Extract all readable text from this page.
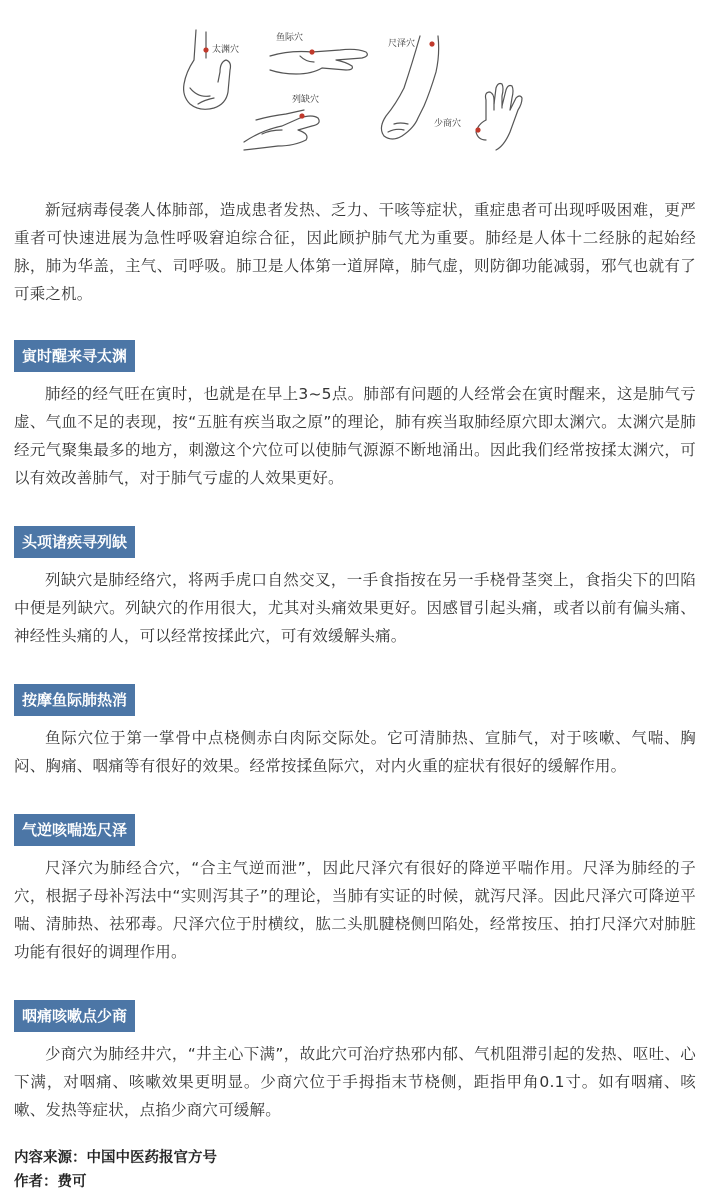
太渊穴
鱼际穴
列缺穴
尺泽穴
少商穴

新冠病毒侵袭人体肺部，造成患者发热、乏力、干咳等症状，重症患者可出现呼吸困难，更严重者可快速进展为急性呼吸窘迫综合征，因此顾护肺气尤为重要。肺经是人体十二经脉的起始经脉，肺为华盖，主气、司呼吸。肺卫是人体第一道屏障，肺气虚，则防御功能减弱，邪气也就有了可乘之机。

寅时醒来寻太渊

肺经的经气旺在寅时，也就是在早上3~5点。肺部有问题的人经常会在寅时醒来，这是肺气亏虚、气血不足的表现，按“五脏有疾当取之原”的理论，肺有疾当取肺经原穴即太渊穴。太渊穴是肺经元气聚集最多的地方，刺激这个穴位可以使肺气源源不断地涌出。因此我们经常按揉太渊穴，可以有效改善肺气，对于肺气亏虚的人效果更好。

头项诸疾寻列缺

列缺穴是肺经络穴，将两手虎口自然交叉，一手食指按在另一手桡骨茎突上，食指尖下的凹陷中便是列缺穴。列缺穴的作用很大，尤其对头痛效果更好。因感冒引起头痛，或者以前有偏头痛、神经性头痛的人，可以经常按揉此穴，可有效缓解头痛。

按摩鱼际肺热消

鱼际穴位于第一掌骨中点桡侧赤白肉际交际处。它可清肺热、宣肺气，对于咳嗽、气喘、胸闷、胸痛、咽痛等有很好的效果。经常按揉鱼际穴，对内火重的症状有很好的缓解作用。

气逆咳喘选尺泽

尺泽穴为肺经合穴，“合主气逆而泄”，因此尺泽穴有很好的降逆平喘作用。尺泽为肺经的子穴，根据子母补泻法中“实则泻其子”的理论，当肺有实证的时候，就泻尺泽。因此尺泽穴可降逆平喘、清肺热、祛邪毒。尺泽穴位于肘横纹，肱二头肌腱桡侧凹陷处，经常按压、拍打尺泽穴对肺脏功能有很好的调理作用。

咽痛咳嗽点少商

少商穴为肺经井穴，“井主心下满”，故此穴可治疗热邪内郁、气机阻滞引起的发热、呕吐、心下满，对咽痛、咳嗽效果更明显。少商穴位于手拇指末节桡侧，距指甲角0.1寸。如有咽痛、咳嗽、发热等症状，点掐少商穴可缓解。

内容来源：中国中医药报官方号
作者：费可
